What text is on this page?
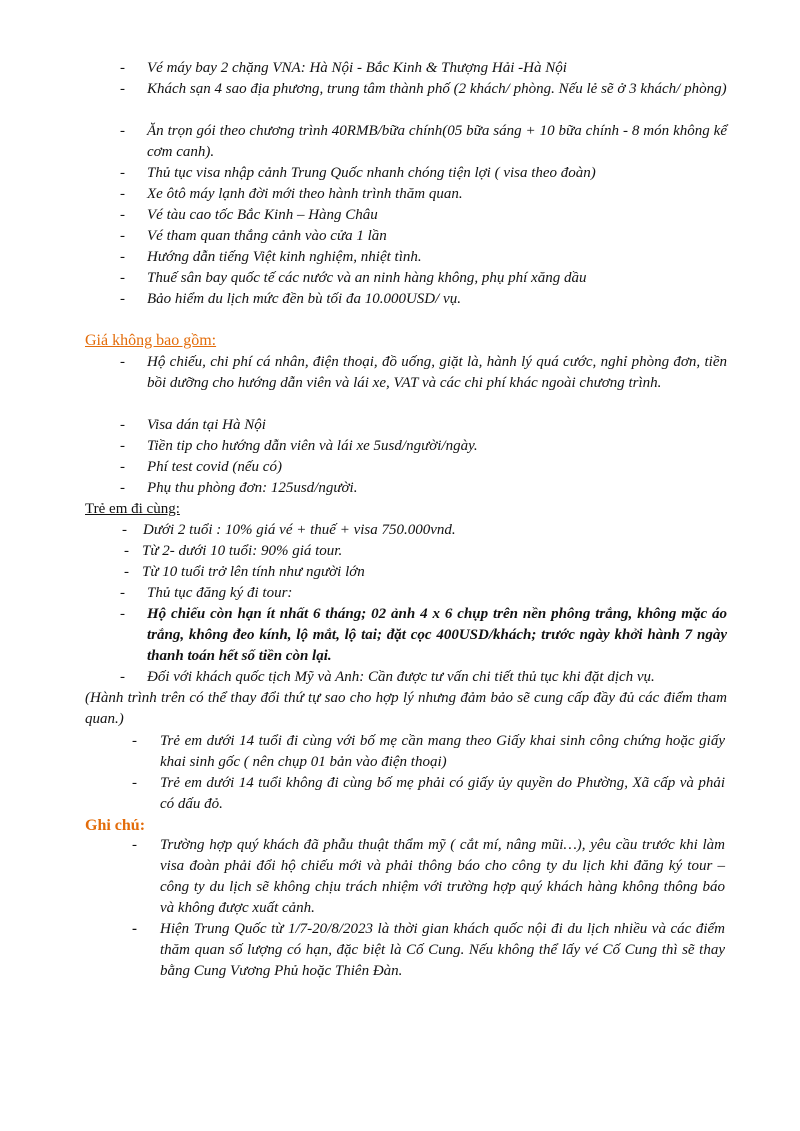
- Vé máy bay 2 chặng VNA: Hà Nội - Bắc Kinh & Thượng Hải -Hà Nội
- Khách sạn 4 sao địa phương, trung tâm thành phố (2 khách/ phòng. Nếu lẻ sẽ ở 3 khách/ phòng)
- Ăn trọn gói theo chương trình 40RMB/bữa chính(05 bữa sáng + 10 bữa chính - 8 món không kể cơm canh).
- Thủ tục visa nhập cảnh Trung Quốc nhanh chóng tiện lợi ( visa theo đoàn)
- Xe ôtô máy lạnh đời mới theo hành trình thăm quan.
- Vé tàu cao tốc Bắc Kinh – Hàng Châu
- Vé tham quan thắng cảnh vào cửa 1 lần
- Hướng dẫn tiếng Việt kinh nghiệm, nhiệt tình.
- Thuế sân bay quốc tế các nước và an ninh hàng không, phụ phí xăng dầu
- Bảo hiểm du lịch mức đền bù tối đa 10.000USD/ vụ.
Giá không bao gồm:
- Hộ chiếu, chi phí cá nhân, điện thoại, đồ uống, giặt là, hành lý quá cước, nghỉ phòng đơn, tiền bồi dưỡng cho hướng dẫn viên và lái xe, VAT và các chi phí khác ngoài chương trình.
- Visa dán tại Hà Nội
- Tiền tip cho hướng dẫn viên và lái xe 5usd/người/ngày.
- Phí test covid (nếu có)
- Phụ thu phòng đơn: 125usd/người.
Trẻ em đi cùng:
- Dưới 2 tuổi : 10% giá vé + thuế + visa 750.000vnd.
- Từ 2- dưới 10 tuổi: 90% giá tour.
- Từ 10 tuổi trở lên tính như người lớn
- Thủ tục đăng ký đi tour:
- Hộ chiếu còn hạn ít nhất 6 tháng; 02 ảnh 4 x 6 chụp trên nền phông trắng, không mặc áo trắng, không đeo kính, lộ mắt, lộ tai; đặt cọc 400USD/khách; trước ngày khởi hành 7 ngày thanh toán hết số tiền còn lại.
- Đối với khách quốc tịch Mỹ và Anh: Cần được tư vấn chi tiết thủ tục khi đặt dịch vụ.
(Hành trình trên có thể thay đổi thứ tự sao cho hợp lý nhưng đảm bảo sẽ cung cấp đầy đủ các điểm tham quan.)
- Trẻ em dưới 14 tuổi đi cùng với bố mẹ cần mang theo Giấy khai sinh công chứng hoặc giấy khai sinh gốc ( nên chụp 01 bản vào điện thoại)
- Trẻ em dưới 14 tuổi không đi cùng bố mẹ phải có giấy ủy quyền do Phường, Xã cấp và phải có dấu đỏ.
Ghi chú:
- Trường hợp quý khách đã phẫu thuật thẩm mỹ ( cắt mí, nâng mũi…), yêu cầu trước khi làm visa đoàn phải đổi hộ chiếu mới và phải thông báo cho công ty du lịch khi đăng ký tour – công ty du lịch sẽ không chịu trách nhiệm với trường hợp quý khách hàng không thông báo và không được xuất cảnh.
- Hiện Trung Quốc từ 1/7-20/8/2023 là thời gian khách quốc nội đi du lịch nhiều và các điểm thăm quan số lượng có hạn, đặc biệt là Cố Cung. Nếu không thể lấy vé Cố Cung thì sẽ thay bằng Cung Vương Phủ hoặc Thiên Đàn.
